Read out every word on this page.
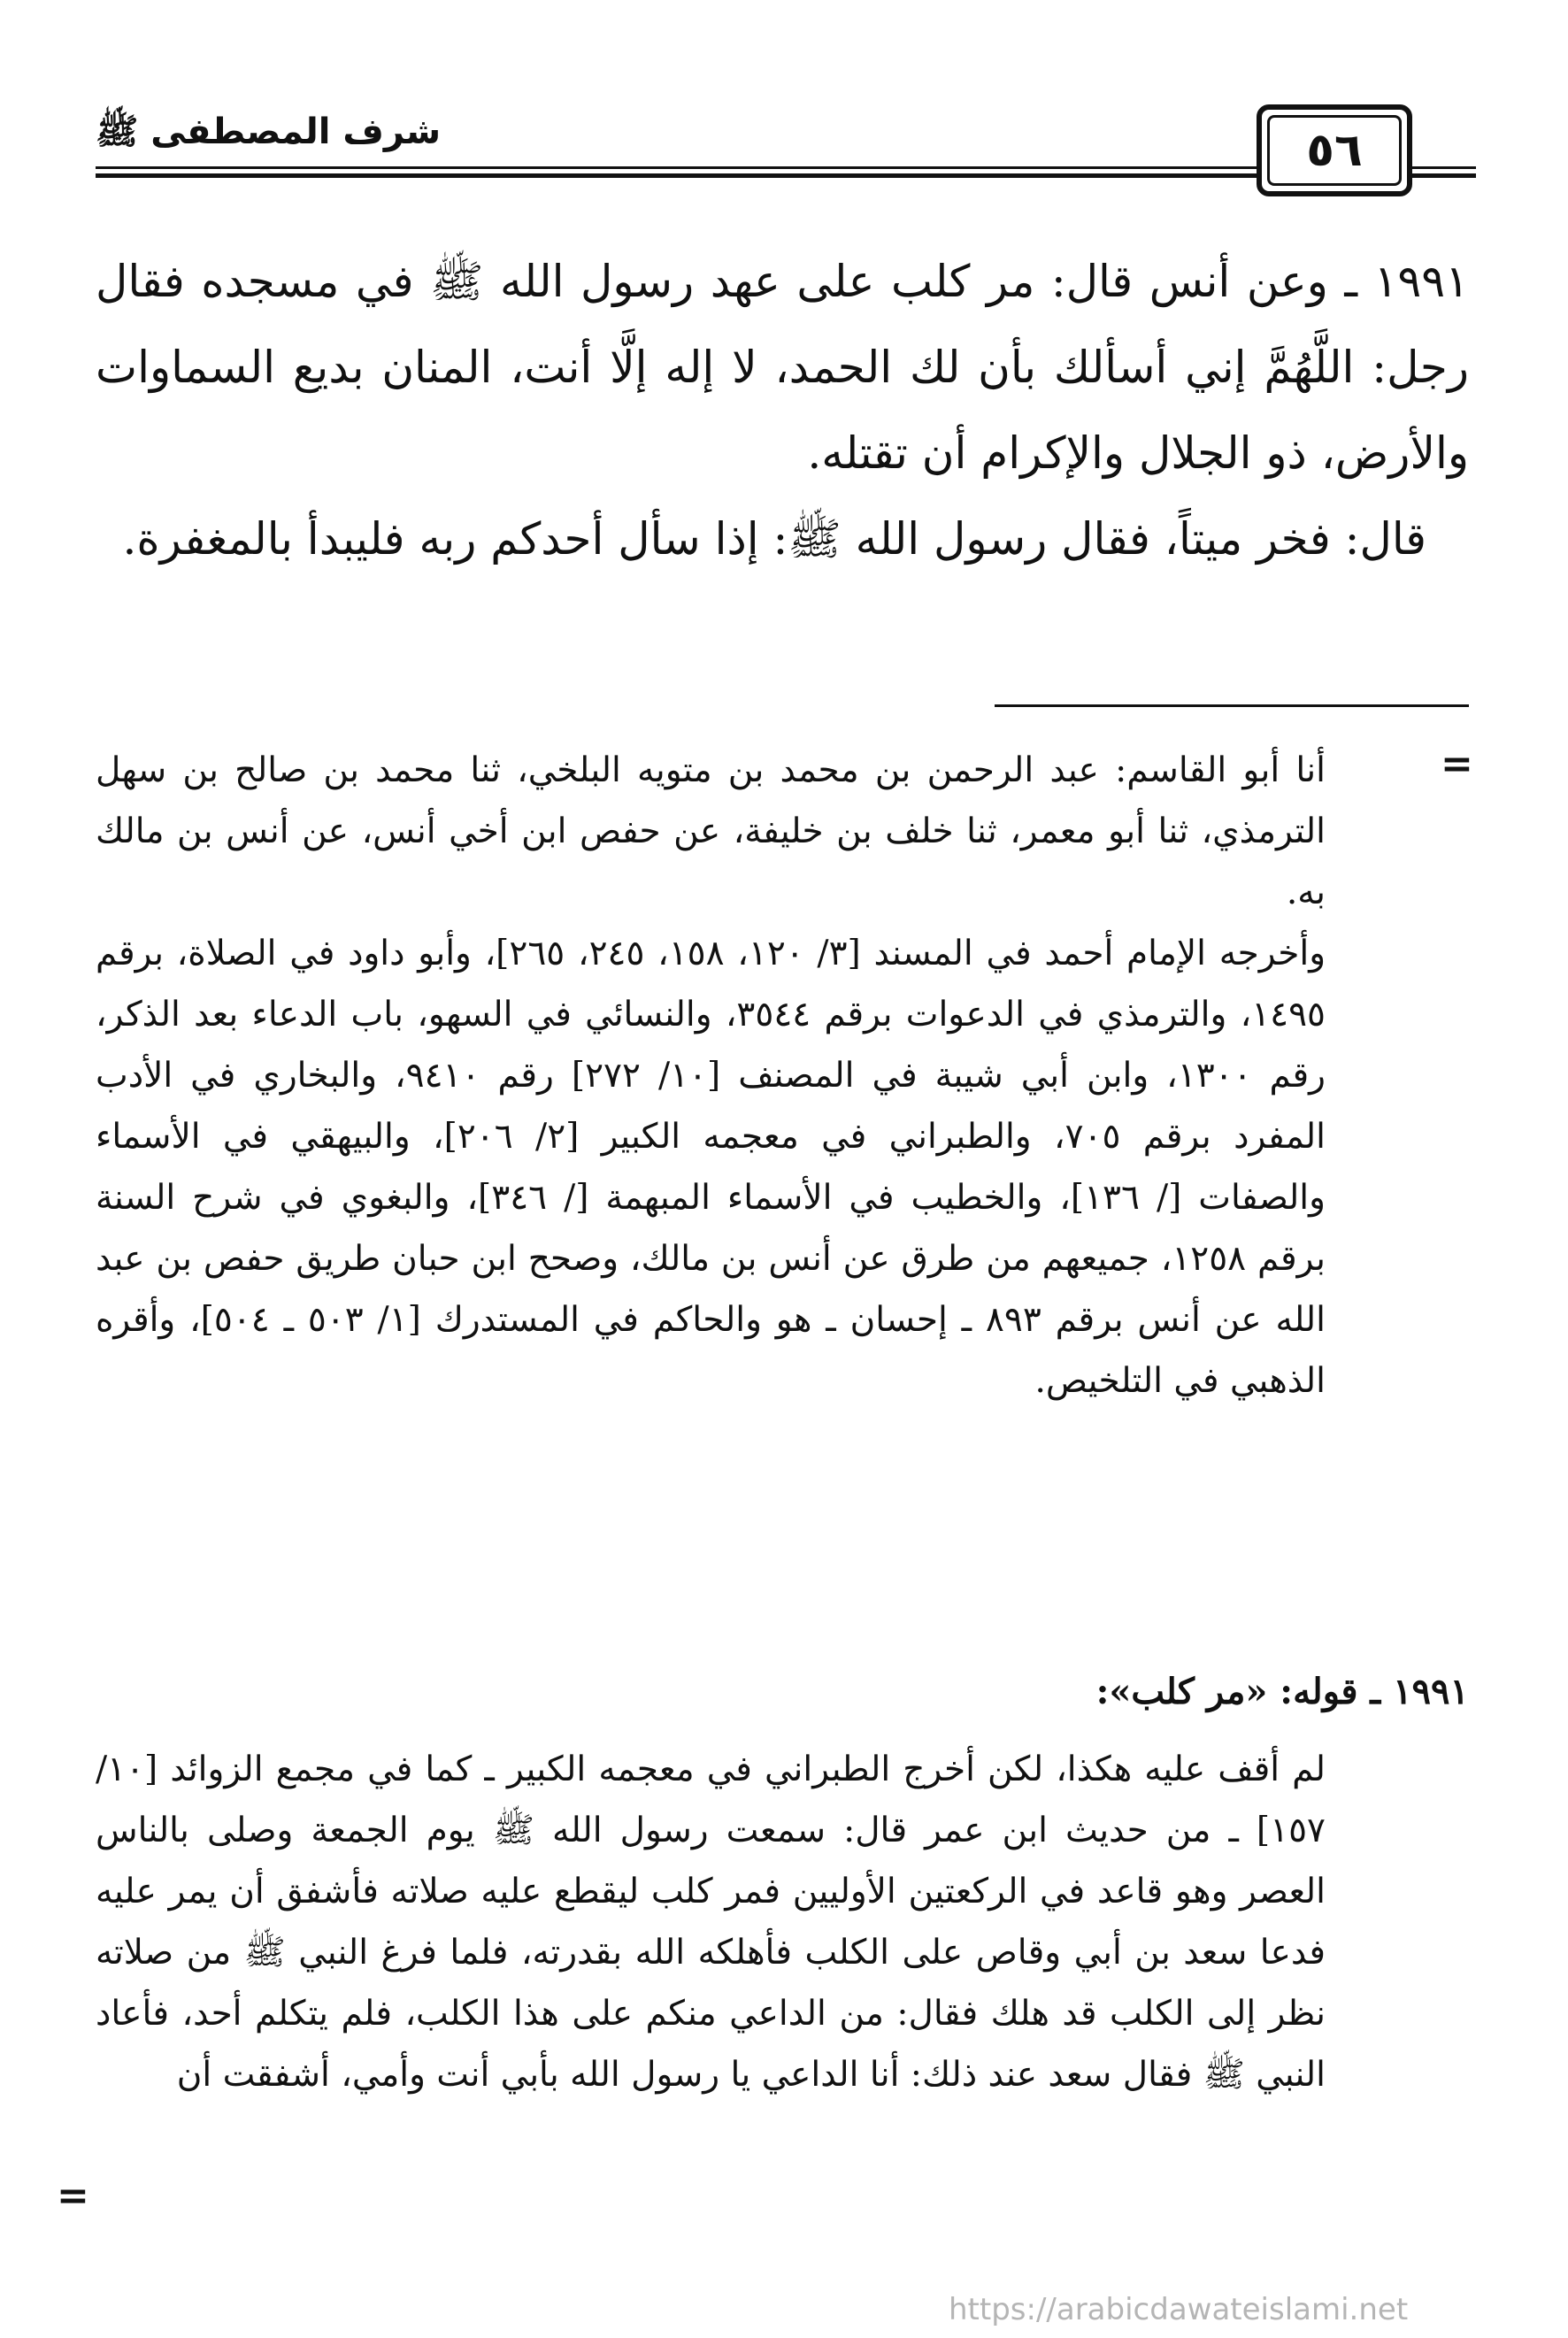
شرف المصطفى ﷺ	٥٦

١٩٩١ ـ وعن أنس قال: مر كلب على عهد رسول الله ﷺ في مسجده فقال رجل: اللَّهُمَّ إني أسألك بأن لك الحمد، لا إله إلَّا أنت، المنان بديع السماوات والأرض، ذو الجلال والإكرام أن تقتله.

قال: فخر ميتاً، فقال رسول الله ﷺ: إذا سأل أحدكم ربه فليبدأ بالمغفرة.

=

أنا أبو القاسم: عبد الرحمن بن محمد بن متويه البلخي، ثنا محمد بن صالح بن سهل الترمذي، ثنا أبو معمر، ثنا خلف بن خليفة، عن حفص ابن أخي أنس، عن أنس بن مالك به.

وأخرجه الإمام أحمد في المسند [٣/ ١٢٠، ١٥٨، ٢٤٥، ٢٦٥]، وأبو داود في الصلاة، برقم ١٤٩٥، والترمذي في الدعوات برقم ٣٥٤٤، والنسائي في السهو، باب الدعاء بعد الذكر، رقم ١٣٠٠، وابن أبي شيبة في المصنف [١٠/ ٢٧٢] رقم ٩٤١٠، والبخاري في الأدب المفرد برقم ٧٠٥، والطبراني في معجمه الكبير [٢/ ٢٠٦]، والبيهقي في الأسماء والصفات [/ ١٣٦]، والخطيب في الأسماء المبهمة [/ ٣٤٦]، والبغوي في شرح السنة برقم ١٢٥٨، جميعهم من طرق عن أنس بن مالك، وصحح ابن حبان طريق حفص بن عبد الله عن أنس برقم ٨٩٣ ـ إحسان ـ هو والحاكم في المستدرك [١/ ٥٠٣ ـ ٥٠٤]، وأقره الذهبي في التلخيص.

١٩٩١ ـ قوله: «مر كلب»:

لم أقف عليه هكذا، لكن أخرج الطبراني في معجمه الكبير ـ كما في مجمع الزوائد [١٠/ ١٥٧] ـ من حديث ابن عمر قال: سمعت رسول الله ﷺ يوم الجمعة وصلى بالناس العصر وهو قاعد في الركعتين الأوليين فمر كلب ليقطع عليه صلاته فأشفق أن يمر عليه فدعا سعد بن أبي وقاص على الكلب فأهلكه الله بقدرته، فلما فرغ النبي ﷺ من صلاته نظر إلى الكلب قد هلك فقال: من الداعي منكم على هذا الكلب، فلم يتكلم أحد، فأعاد النبي ﷺ فقال سعد عند ذلك: أنا الداعي يا رسول الله بأبي أنت وأمي، أشفقت أن

=
https://arabicdawateislami.net
